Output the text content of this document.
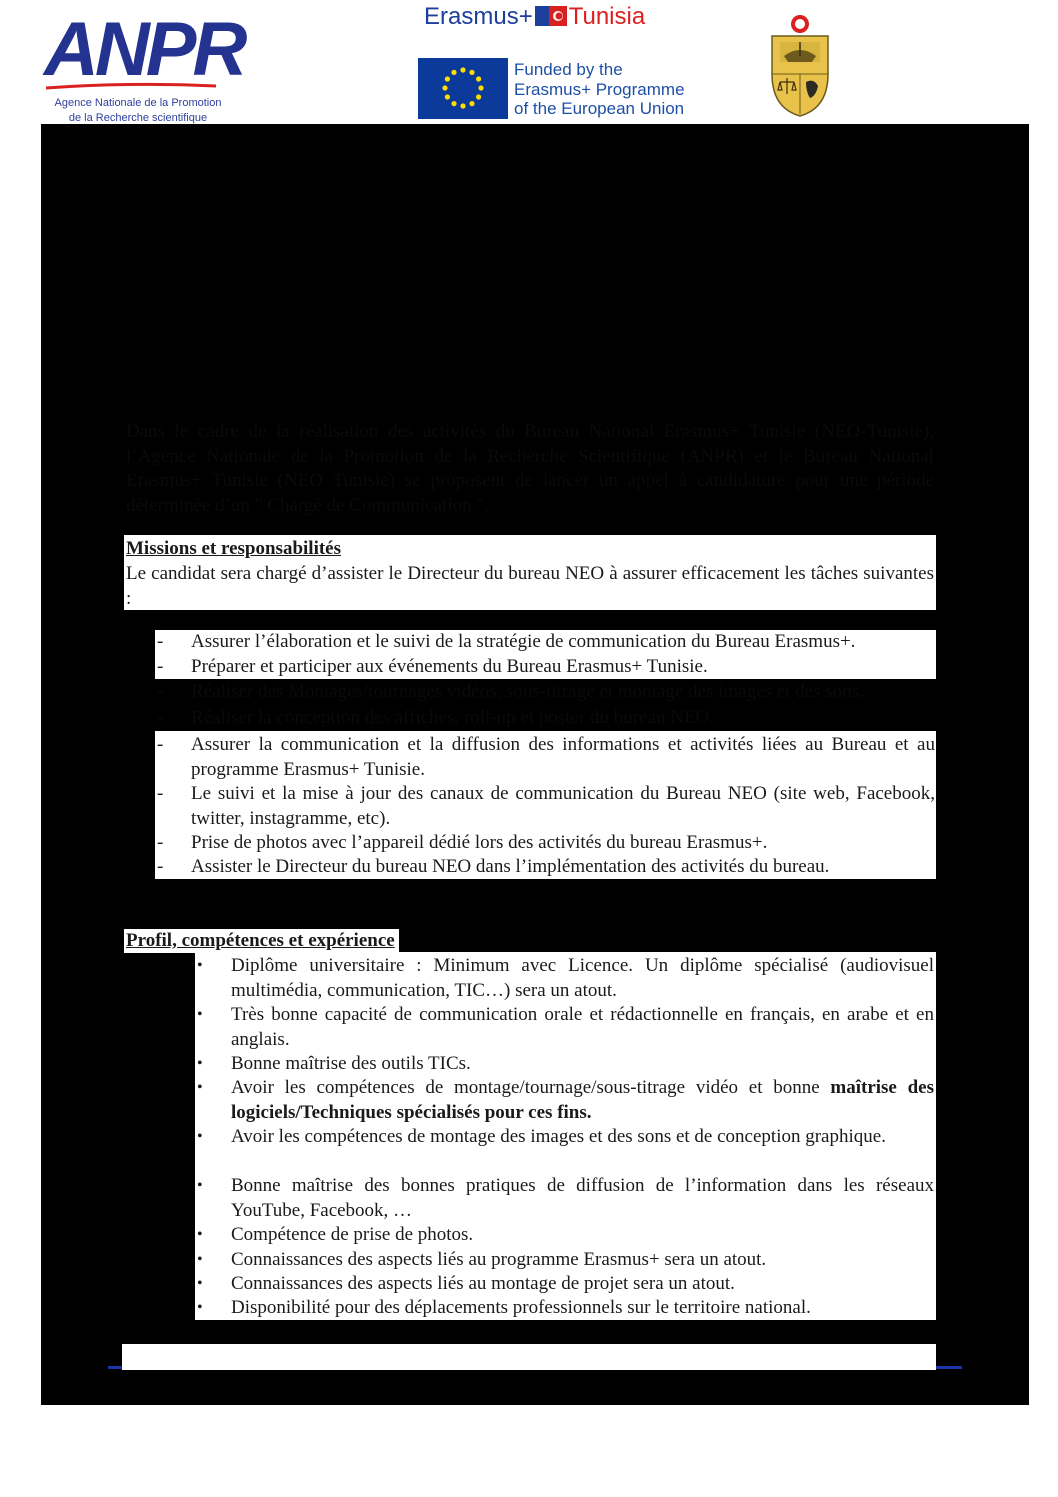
ANPR
Agence Nationale de la Promotion
de la Recherche scientifique
Erasmus+ Tunisia
Funded by the
Erasmus+ Programme
of the European Union
Dans le cadre de la réalisation des activités du Bureau National Erasmus+ Tunisie (NEO-Tunisie), l’Agence Nationale de la Promotion de la Recherche Scientifique (ANPR) et le Bureau National Erasmus+ Tunisie (NEO Tunisie) se proposent de lancer un appel à candidature pour une période déterminée d’un " Chargé de Communication ".
Missions et responsabilités
Le candidat sera chargé d’assister le Directeur du bureau NEO à assurer efficacement les tâches suivantes :
-	Assurer l’élaboration et le suivi de la stratégie de communication du Bureau Erasmus+.
-	Préparer et participer aux événements du Bureau Erasmus+ Tunisie.
-	Réaliser des Montages/tournages vidéos, sous-titrage et montage des images et des sons.
-	Réaliser la conception des affiches, roll-up et poster du bureau NEO.
-	Assurer la communication et la diffusion des informations et activités liées au Bureau et au programme Erasmus+ Tunisie.
-	Le suivi et la mise à jour des canaux de communication du Bureau NEO (site web, Facebook, twitter, instagramme, etc).
-	Prise de photos avec l’appareil dédié lors des activités du bureau Erasmus+.
-	Assister le Directeur du bureau NEO dans l’implémentation des activités du bureau.
Profil, compétences et expérience
•	Diplôme universitaire : Minimum avec Licence. Un diplôme spécialisé (audiovisuel multimédia, communication, TIC…) sera un atout.
•	Très bonne capacité de communication orale et rédactionnelle en français, en arabe et en anglais.
•	Bonne maîtrise des outils TICs.
•	Avoir les compétences de montage/tournage/sous-titrage vidéo et bonne maîtrise des logiciels/Techniques spécialisés pour ces fins.
•	Avoir les compétences de montage des images et des sons et de conception graphique.
•	Bonne maîtrise des bonnes pratiques de diffusion de l’information dans les réseaux YouTube, Facebook, …
•	Compétence de prise de photos.
•	Connaissances des aspects liés au programme Erasmus+ sera un atout.
•	Connaissances des aspects liés au montage de projet sera un atout.
•	Disponibilité pour des déplacements professionnels sur le territoire national.
